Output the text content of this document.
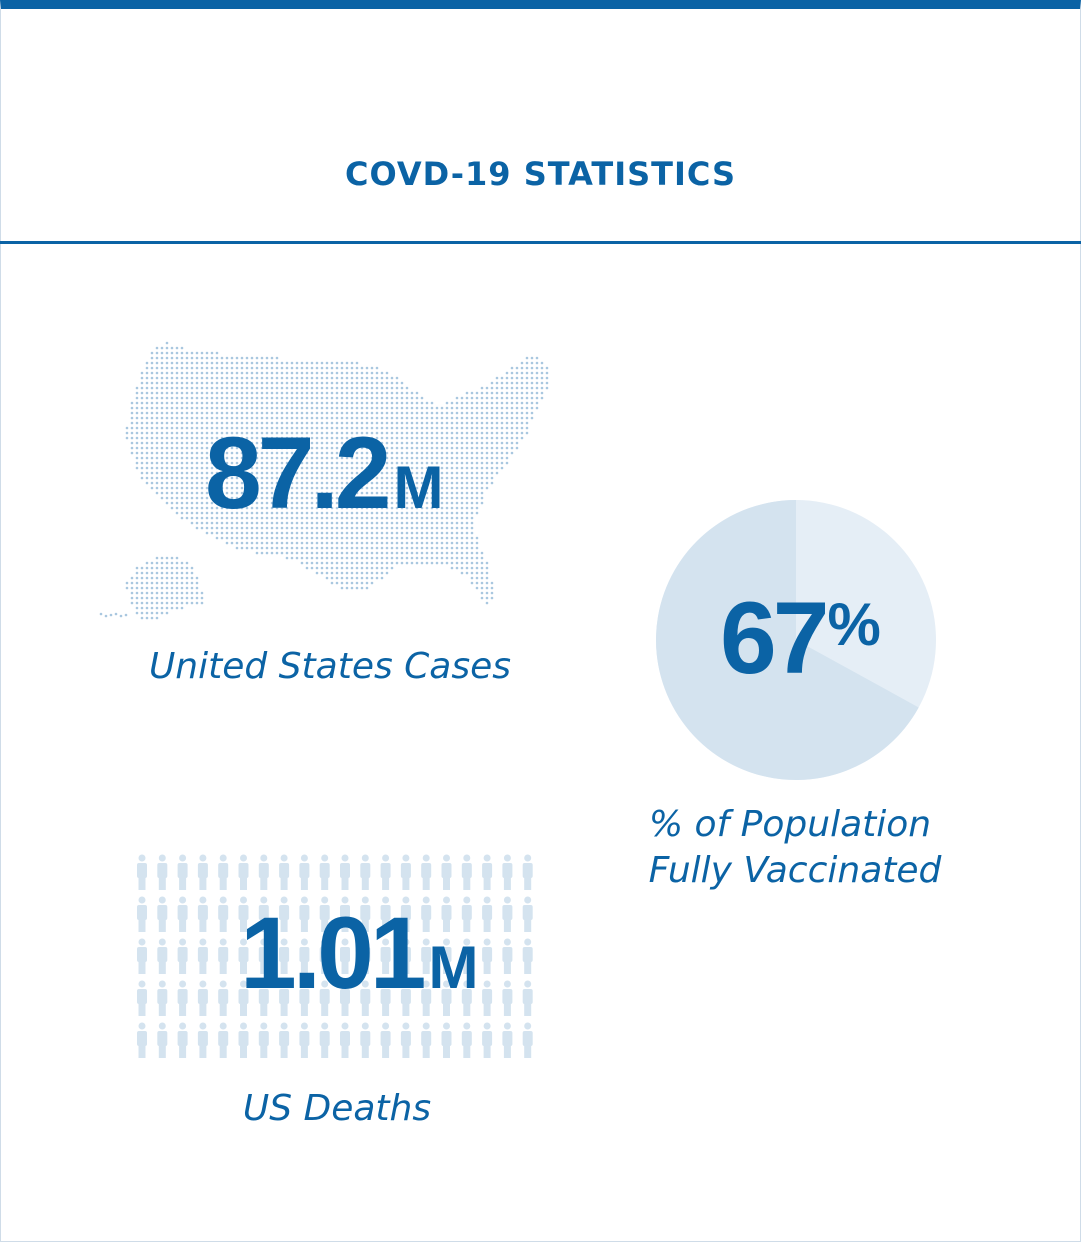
COVD-19 STATISTICS
87.2 M
United States Cases 67%
% of Population
Fully Vaccinated
1.01 M
US Deaths
